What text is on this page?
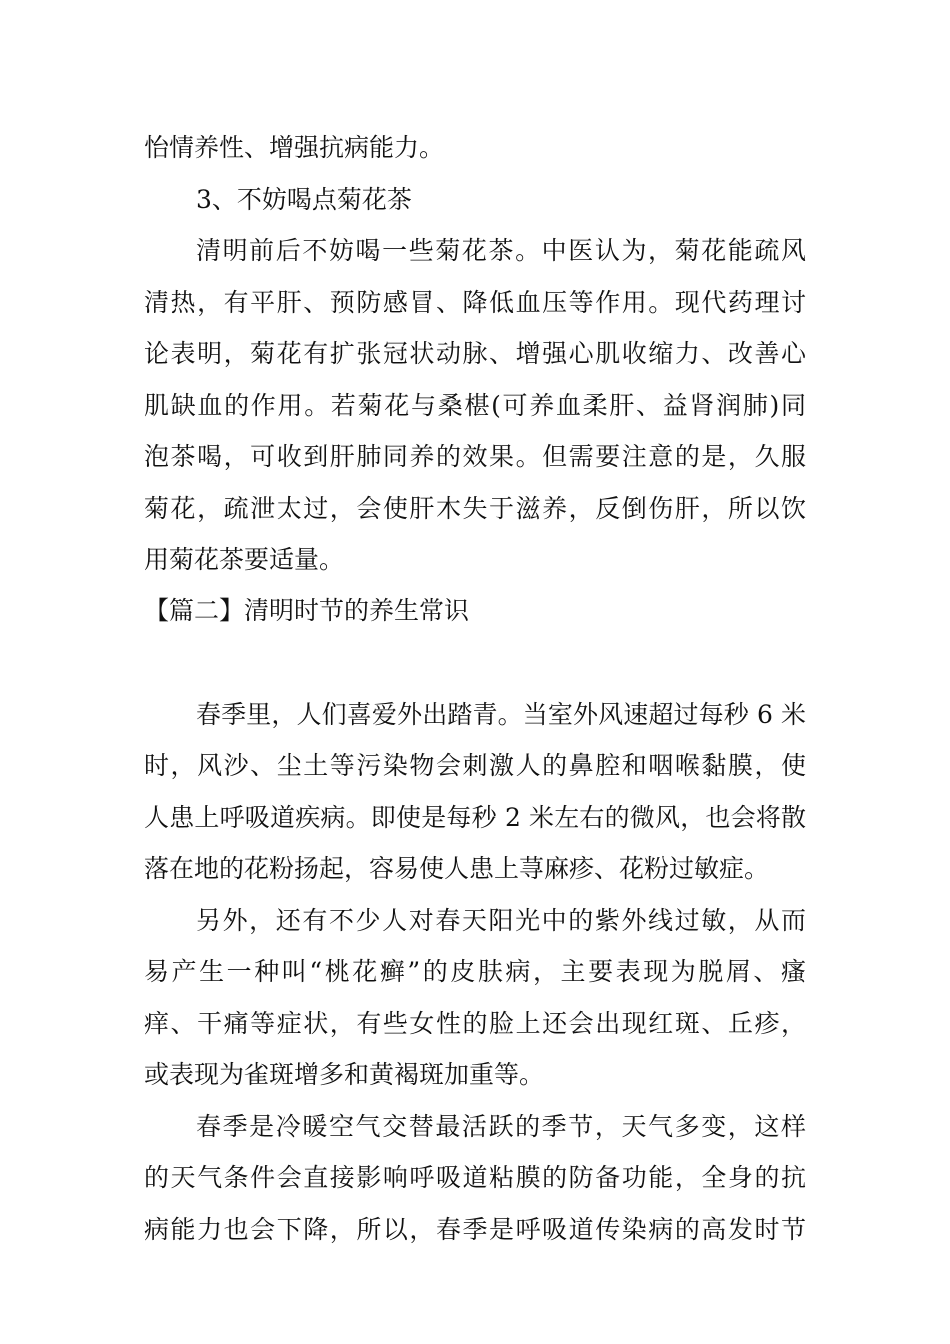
怡情养性、增强抗病能力。
3、不妨喝点菊花茶
清明前后不妨喝一些菊花茶。中医认为，菊花能疏风
清热，有平肝、预防感冒、降低血压等作用。现代药理讨
论表明，菊花有扩张冠状动脉、增强心肌收缩力、改善心
肌缺血的作用。若菊花与桑椹(可养血柔肝、益肾润肺)同
泡茶喝，可收到肝肺同养的效果。但需要注意的是，久服
菊花，疏泄太过，会使肝木失于滋养，反倒伤肝，所以饮
用菊花茶要适量。
【篇二】清明时节的养生常识
春季里，人们喜爱外出踏青。当室外风速超过每秒 6 米
时，风沙、尘土等污染物会刺激人的鼻腔和咽喉黏膜，使
人患上呼吸道疾病。即使是每秒 2 米左右的微风，也会将散
落在地的花粉扬起，容易使人患上荨麻疹、花粉过敏症。
另外，还有不少人对春天阳光中的紫外线过敏，从而
易产生一种叫“桃花癣”的皮肤病，主要表现为脱屑、瘙
痒、干痛等症状，有些女性的脸上还会出现红斑、丘疹，
或表现为雀斑增多和黄褐斑加重等。
春季是冷暖空气交替最活跃的季节，天气多变，这样
的天气条件会直接影响呼吸道粘膜的防备功能，全身的抗
病能力也会下降，所以，春季是呼吸道传染病的高发时节
